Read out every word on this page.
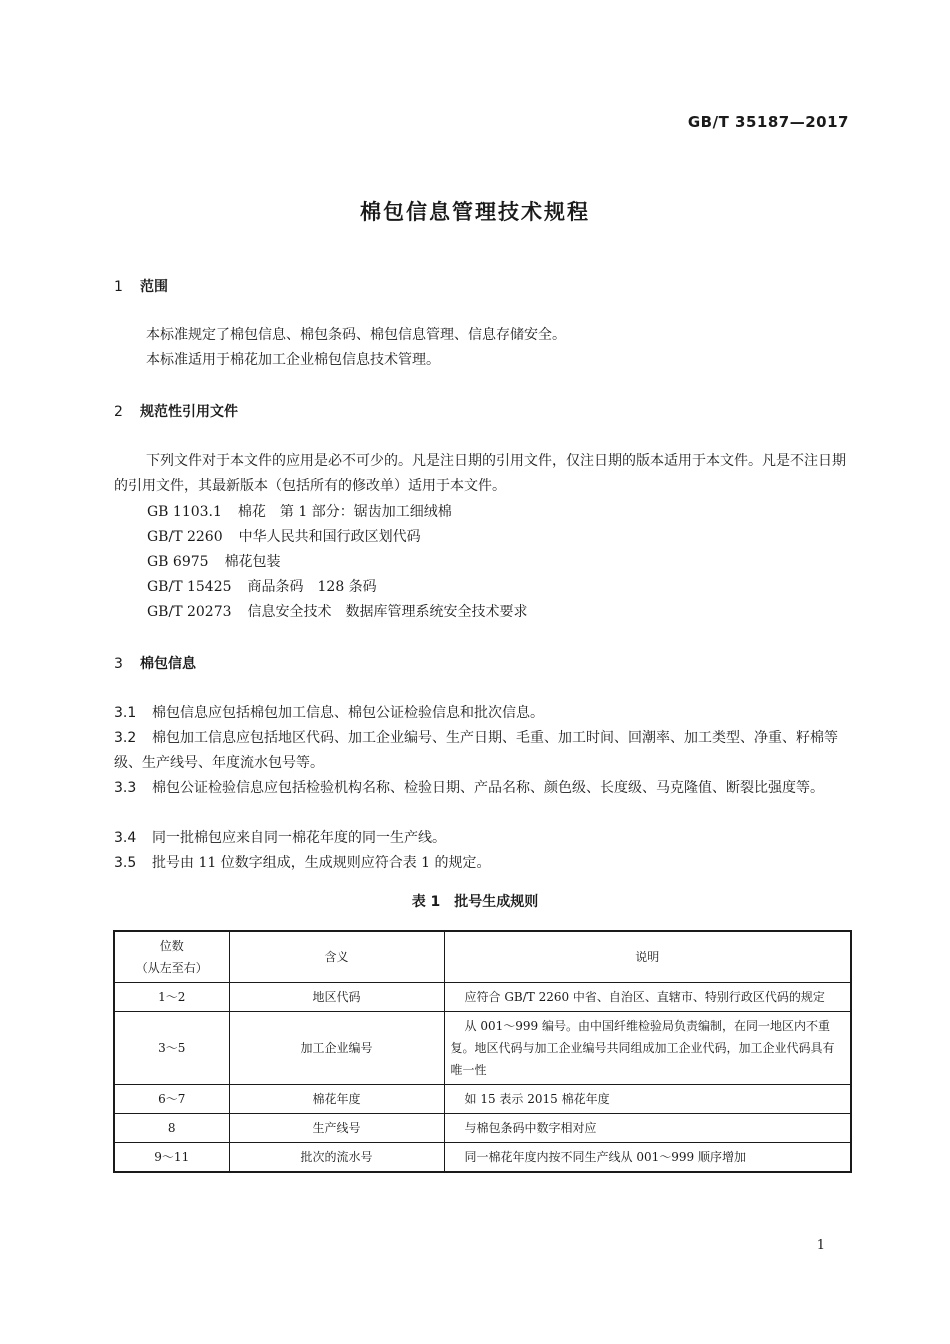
GB/T 35187—2017
棉包信息管理技术规程
1 范围
本标准规定了棉包信息、棉包条码、棉包信息管理、信息存储安全。
本标准适用于棉花加工企业棉包信息技术管理。
2 规范性引用文件
下列文件对于本文件的应用是必不可少的。凡是注日期的引用文件，仅注日期的版本适用于本文件。凡是不注日期的引用文件，其最新版本（包括所有的修改单）适用于本文件。
GB 1103.1 棉花　第 1 部分：锯齿加工细绒棉
GB/T 2260 中华人民共和国行政区划代码
GB 6975 棉花包装
GB/T 15425 商品条码　128 条码
GB/T 20273 信息安全技术　数据库管理系统安全技术要求
3 棉包信息
3.1 棉包信息应包括棉包加工信息、棉包公证检验信息和批次信息。
3.2 棉包加工信息应包括地区代码、加工企业编号、生产日期、毛重、加工时间、回潮率、加工类型、净重、籽棉等级、生产线号、年度流水包号等。
3.3 棉包公证检验信息应包括检验机构名称、检验日期、产品名称、颜色级、长度级、马克隆值、断裂比强度等。
3.4 同一批棉包应来自同一棉花年度的同一生产线。
3.5 批号由 11 位数字组成，生成规则应符合表 1 的规定。
表 1　批号生成规则
位数
（从左至右）	含义	说明
1～2	地区代码	应符合 GB/T 2260 中省、自治区、直辖市、特别行政区代码的规定
3～5	加工企业编号	从 001～999 编号。由中国纤维检验局负责编制，在同一地区内不重复。地区代码与加工企业编号共同组成加工企业代码，加工企业代码具有唯一性
6～7	棉花年度	如 15 表示 2015 棉花年度
8	生产线号	与棉包条码中数字相对应
9～11	批次的流水号	同一棉花年度内按不同生产线从 001～999 顺序增加
1
